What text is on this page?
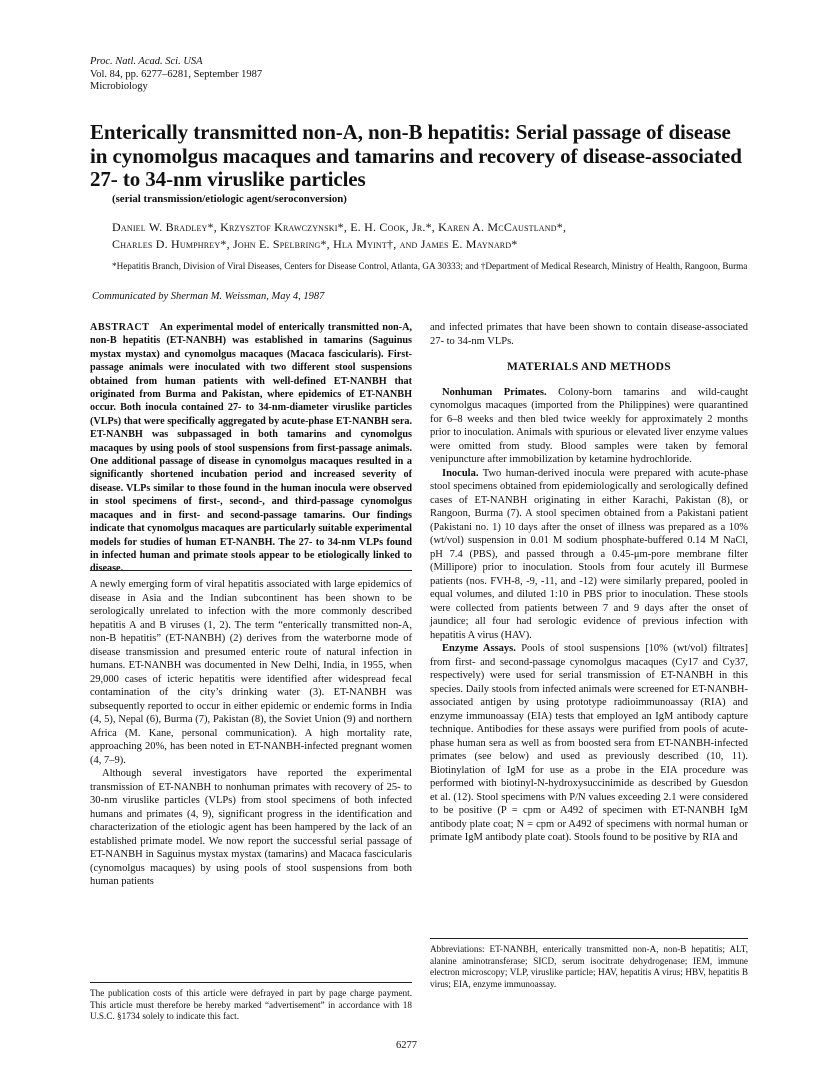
Proc. Natl. Acad. Sci. USA
Vol. 84, pp. 6277–6281, September 1987
Microbiology
Enterically transmitted non-A, non-B hepatitis: Serial passage of disease in cynomolgus macaques and tamarins and recovery of disease-associated 27- to 34-nm viruslike particles
(serial transmission/etiologic agent/seroconversion)
Daniel W. Bradley*, Krzysztof Krawczynski*, E. H. Cook, Jr.*, Karen A. McCaustland*,
Charles D. Humphrey*, John E. Spelbring*, Hla Myint†, and James E. Maynard*
*Hepatitis Branch, Division of Viral Diseases, Centers for Disease Control, Atlanta, GA 30333; and †Department of Medical Research, Ministry of Health, Rangoon, Burma
Communicated by Sherman M. Weissman, May 4, 1987

ABSTRACT An experimental model of enterically transmitted non-A, non-B hepatitis (ET-NANBH) was established in tamarins (Saguinus mystax mystax) and cynomolgus macaques (Macaca fascicularis). First-passage animals were inoculated with two different stool suspensions obtained from human patients with well-defined ET-NANBH that originated from Burma and Pakistan, where epidemics of ET-NANBH occur. Both inocula contained 27- to 34-nm-diameter viruslike particles (VLPs) that were specifically aggregated by acute-phase ET-NANBH sera. ET-NANBH was subpassaged in both tamarins and cynomolgus macaques by using pools of stool suspensions from first-passage animals. One additional passage of disease in cynomolgus macaques resulted in a significantly shortened incubation period and increased severity of disease. VLPs similar to those found in the human inocula were observed in stool specimens of first-, second-, and third-passage cynomolgus macaques and in first- and second-passage tamarins. Our findings indicate that cynomolgus macaques are particularly suitable experimental models for studies of human ET-NANBH. The 27- to 34-nm VLPs found in infected human and primate stools appear to be etiologically linked to disease.

A newly emerging form of viral hepatitis associated with large epidemics of disease in Asia and the Indian subcontinent has been shown to be serologically unrelated to infection with the more commonly described hepatitis A and B viruses (1, 2). The term “enterically transmitted non-A, non-B hepatitis” (ET-NANBH) (2) derives from the waterborne mode of disease transmission and presumed enteric route of natural infection in humans. ET-NANBH was documented in New Delhi, India, in 1955, when 29,000 cases of icteric hepatitis were identified after widespread fecal contamination of the city’s drinking water (3). ET-NANBH was subsequently reported to occur in either epidemic or endemic forms in India (4, 5), Nepal (6), Burma (7), Pakistan (8), the Soviet Union (9) and northern Africa (M. Kane, personal communication). A high mortality rate, approaching 20%, has been noted in ET-NANBH-infected pregnant women (4, 7–9).

Although several investigators have reported the experimental transmission of ET-NANBH to nonhuman primates with recovery of 25- to 30-nm viruslike particles (VLPs) from stool specimens of both infected humans and primates (4, 9), significant progress in the identification and characterization of the etiologic agent has been hampered by the lack of an established primate model. We now report the successful serial passage of ET-NANBH in Saguinus mystax mystax (tamarins) and Macaca fascicularis (cynomolgus macaques) by using pools of stool suspensions from both human patients

The publication costs of this article were defrayed in part by page charge payment. This article must therefore be hereby marked “advertisement” in accordance with 18 U.S.C. §1734 solely to indicate this fact.

and infected primates that have been shown to contain disease-associated 27- to 34-nm VLPs.

MATERIALS AND METHODS

Nonhuman Primates. Colony-born tamarins and wild-caught cynomolgus macaques (imported from the Philippines) were quarantined for 6–8 weeks and then bled twice weekly for approximately 2 months prior to inoculation. Animals with spurious or elevated liver enzyme values were omitted from study. Blood samples were taken by femoral venipuncture after immobilization by ketamine hydrochloride.

Inocula. Two human-derived inocula were prepared with acute-phase stool specimens obtained from epidemiologically and serologically defined cases of ET-NANBH originating in either Karachi, Pakistan (8), or Rangoon, Burma (7). A stool specimen obtained from a Pakistani patient (Pakistani no. 1) 10 days after the onset of illness was prepared as a 10% (wt/vol) suspension in 0.01 M sodium phosphate-buffered 0.14 M NaCl, pH 7.4 (PBS), and passed through a 0.45-μm-pore membrane filter (Millipore) prior to inoculation. Stools from four acutely ill Burmese patients (nos. FVH-8, -9, -11, and -12) were similarly prepared, pooled in equal volumes, and diluted 1:10 in PBS prior to inoculation. These stools were collected from patients between 7 and 9 days after the onset of jaundice; all four had serologic evidence of previous infection with hepatitis A virus (HAV).

Enzyme Assays. Pools of stool suspensions [10% (wt/vol) filtrates] from first- and second-passage cynomolgus macaques (Cy17 and Cy37, respectively) were used for serial transmission of ET-NANBH in this species. Daily stools from infected animals were screened for ET-NANBH-associated antigen by using prototype radioimmunoassay (RIA) and enzyme immunoassay (EIA) tests that employed an IgM antibody capture technique. Antibodies for these assays were purified from pools of acute-phase human sera as well as from boosted sera from ET-NANBH-infected primates (see below) and used as previously described (10, 11). Biotinylation of IgM for use as a probe in the EIA procedure was performed with biotinyl-N-hydroxysuccinimide as described by Guesdon et al. (12). Stool specimens with P/N values exceeding 2.1 were considered to be positive (P = cpm or A492 of specimen with ET-NANBH IgM antibody plate coat; N = cpm or A492 of specimens with normal human or primate IgM antibody plate coat). Stools found to be positive by RIA and

Abbreviations: ET-NANBH, enterically transmitted non-A, non-B hepatitis; ALT, alanine aminotransferase; SICD, serum isocitrate dehydrogenase; IEM, immune electron microscopy; VLP, viruslike particle; HAV, hepatitis A virus; HBV, hepatitis B virus; EIA, enzyme immunoassay.
6277
